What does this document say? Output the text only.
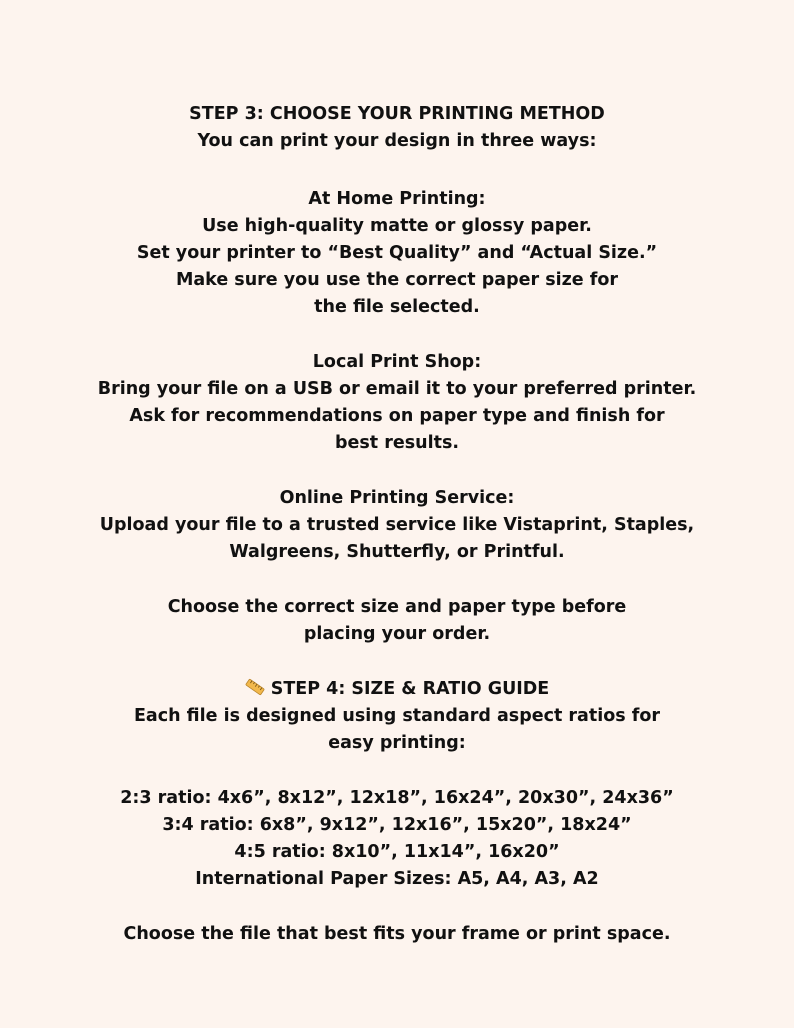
STEP 3: CHOOSE YOUR PRINTING METHOD
You can print your design in three ways:
At Home Printing:
Use high-quality matte or glossy paper.
Set your printer to “Best Quality” and “Actual Size.”
Make sure you use the correct paper size for
the file selected.
Local Print Shop:
Bring your file on a USB or email it to your preferred printer.
Ask for recommendations on paper type and finish for
best results.
Online Printing Service:
Upload your file to a trusted service like Vistaprint, Staples,
Walgreens, Shutterfly, or Printful.
Choose the correct size and paper type before
placing your order.
STEP 4: SIZE & RATIO GUIDE
Each file is designed using standard aspect ratios for
easy printing:
2:3 ratio: 4x6”, 8x12”, 12x18”, 16x24”, 20x30”, 24x36”
3:4 ratio: 6x8”, 9x12”, 12x16”, 15x20”, 18x24”
4:5 ratio: 8x10”, 11x14”, 16x20”
International Paper Sizes: A5, A4, A3, A2
Choose the file that best fits your frame or print space.
